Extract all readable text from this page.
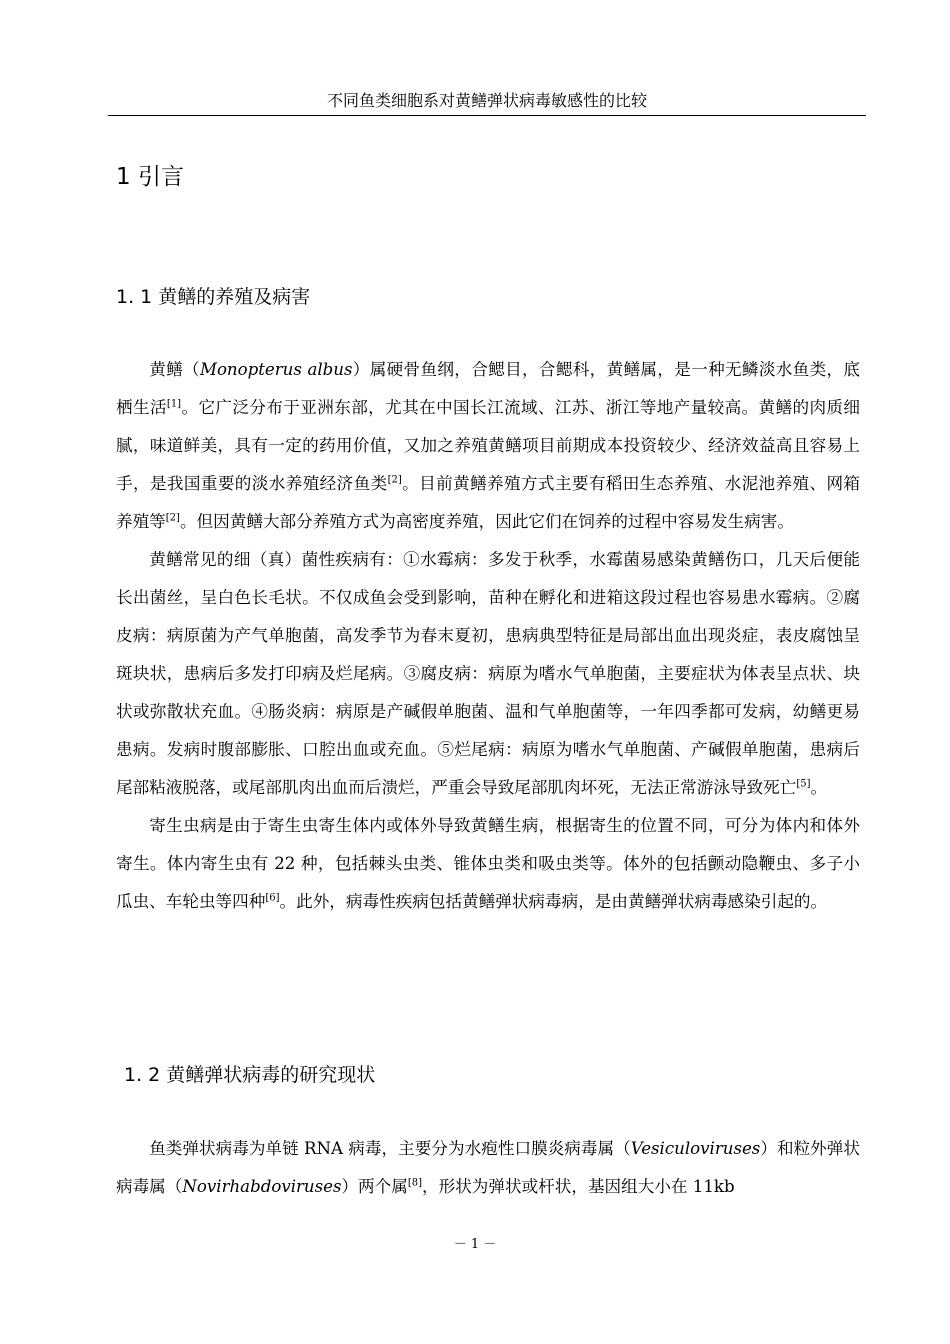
不同鱼类细胞系对黄鳝弹状病毒敏感性的比较
1 引言
1. 1 黄鳝的养殖及病害

黄鳝（Monopterus albus）属硬骨鱼纲，合鳃目，合鳃科，黄鳝属，是一种无鳞淡水鱼类，底栖生活[1]。它广泛分布于亚洲东部，尤其在中国长江流域、江苏、浙江等地产量较高。黄鳝的肉质细腻，味道鲜美，具有一定的药用价值，又加之养殖黄鳝项目前期成本投资较少、经济效益高且容易上手，是我国重要的淡水养殖经济鱼类[2]。目前黄鳝养殖方式主要有稻田生态养殖、水泥池养殖、网箱养殖等[2]。但因黄鳝大部分养殖方式为高密度养殖，因此它们在饲养的过程中容易发生病害。

黄鳝常见的细（真）菌性疾病有：①水霉病：多发于秋季，水霉菌易感染黄鳝伤口，几天后便能长出菌丝，呈白色长毛状。不仅成鱼会受到影响，苗种在孵化和进箱这段过程也容易患水霉病。②腐皮病：病原菌为产气单胞菌，高发季节为春末夏初，患病典型特征是局部出血出现炎症，表皮腐蚀呈斑块状，患病后多发打印病及烂尾病。③腐皮病：病原为嗜水气单胞菌，主要症状为体表呈点状、块状或弥散状充血。④肠炎病：病原是产碱假单胞菌、温和气单胞菌等，一年四季都可发病，幼鳝更易患病。发病时腹部膨胀、口腔出血或充血。⑤烂尾病：病原为嗜水气单胞菌、产碱假单胞菌，患病后尾部粘液脱落，或尾部肌肉出血而后溃烂，严重会导致尾部肌肉坏死，无法正常游泳导致死亡[5]。

寄生虫病是由于寄生虫寄生体内或体外导致黄鳝生病，根据寄生的位置不同，可分为体内和体外寄生。体内寄生虫有 22 种，包括棘头虫类、锥体虫类和吸虫类等。体外的包括颤动隐鞭虫、多子小瓜虫、车轮虫等四种[6]。此外，病毒性疾病包括黄鳝弹状病毒病，是由黄鳝弹状病毒感染引起的。

1. 2 黄鳝弹状病毒的研究现状

鱼类弹状病毒为单链 RNA 病毒，主要分为水疱性口膜炎病毒属（Vesiculoviruses）和粒外弹状病毒属（Novirhabdoviruses）两个属[8]，形状为弹状或杆状，基因组大小在 11kb

－ 1 －
